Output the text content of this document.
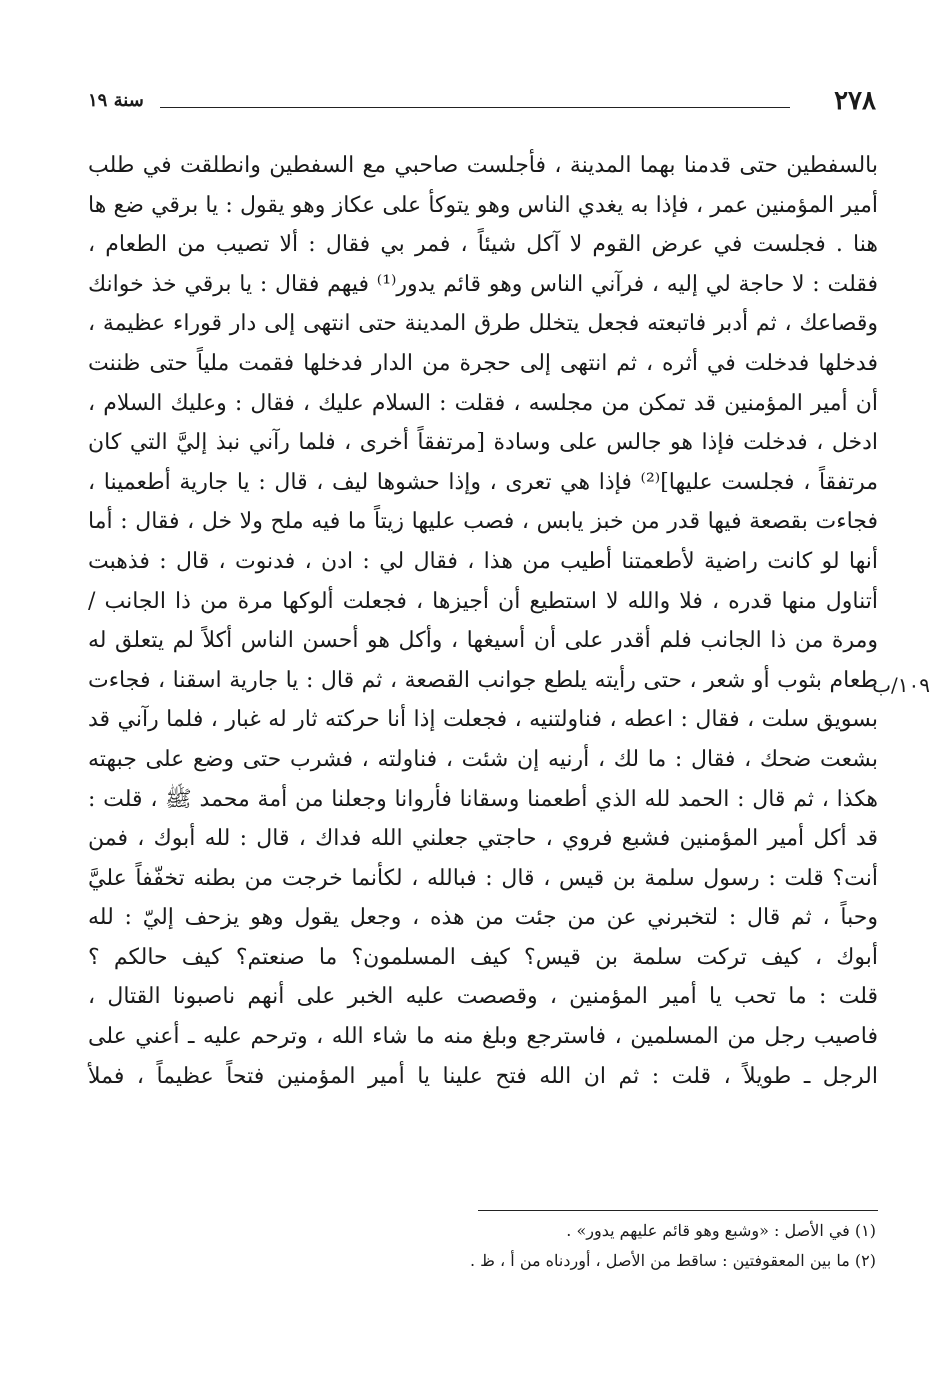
٢٧٨
سنة ١٩
بالسفطين حتى قدمنا بهما المدينة ، فأجلست صاحبي مع السفطين وانطلقت في طلب
أمير المؤمنين عمر ، فإذا به يغدي الناس وهو يتوكأ على عكاز وهو يقول : يا برقي ضع ها
هنا . فجلست في عرض القوم لا آكل شيئاً ، فمر بي فقال : ألا تصيب من الطعام ،
فقلت : لا حاجة لي إليه ، فرآني الناس وهو قائم يدور⁽¹⁾ فيهم فقال : يا برقي خذ خوانك
وقصاعك ، ثم أدبر فاتبعته فجعل يتخلل طرق المدينة حتى انتهى إلى دار قوراء عظيمة ،
فدخلها فدخلت في أثره ، ثم انتهى إلى حجرة من الدار فدخلها فقمت ملياً حتى ظننت
أن أمير المؤمنين قد تمكن من مجلسه ، فقلت : السلام عليك ، فقال : وعليك السلام ،
ادخل ، فدخلت فإذا هو جالس على وسادة [مرتفقاً أخرى ، فلما رآني نبذ إليَّ التي كان
مرتفقاً ، فجلست عليها]⁽²⁾ فإذا هي تعرى ، وإذا حشوها ليف ، قال : يا جارية أطعمينا ،
فجاءت بقصعة فيها قدر من خبز يابس ، فصب عليها زيتاً ما فيه ملح ولا خل ، فقال : أما
أنها لو كانت راضية لأطعمتنا أطيب من هذا ، فقال لي : ادن ، فدنوت ، قال : فذهبت
أتناول منها قدره ، فلا والله لا استطيع أن أجيزها ، فجعلت ألوكها مرة من ذا الجانب /
ومرة من ذا الجانب فلم أقدر على أن أسيغها ، وأكل هو أحسن الناس أكلاً لم يتعلق له
طعام بثوب أو شعر ، حتى رأيته يلطع جوانب القصعة ، ثم قال : يا جارية اسقنا ، فجاءت
بسويق سلت ، فقال : اعطه ، فناولتنيه ، فجعلت إذا أنا حركته ثار له غبار ، فلما رآني قد
بشعت ضحك ، فقال : ما لك ، أرنيه إن شئت ، فناولته ، فشرب حتى وضع على جبهته
هكذا ، ثم قال : الحمد لله الذي أطعمنا وسقانا فأروانا وجعلنا من أمة محمد ﷺ ، قلت :
قد أكل أمير المؤمنين فشبع فروي ، حاجتي جعلني الله فداك ، قال : لله أبوك ، فمن
أنت؟ قلت : رسول سلمة بن قيس ، قال : فبالله ، لكأنما خرجت من بطنه تخفّفاً عليَّ
وحباً ، ثم قال : لتخبرني عن من جئت من هذه ، وجعل يقول وهو يزحف إليّ : لله
أبوك ، كيف تركت سلمة بن قيس؟ كيف المسلمون؟ ما صنعتم؟ كيف حالكم ؟
قلت : ما تحب يا أمير المؤمنين ، وقصصت عليه الخبر على أنهم ناصبونا القتال ،
فاصيب رجل من المسلمين ، فاسترجع وبلغ منه ما شاء الله ، وترحم عليه ـ أعني على
الرجل ـ طويلاً ، قلت : ثم ان الله فتح علينا يا أمير المؤمنين فتحاً عظيماً ، فملأ
١٠٩/ب
(١) في الأصل : «وشبع وهو قائم عليهم يدور» .
(٢) ما بين المعقوفتين : ساقط من الأصل ، أوردناه من أ ، ظ .
